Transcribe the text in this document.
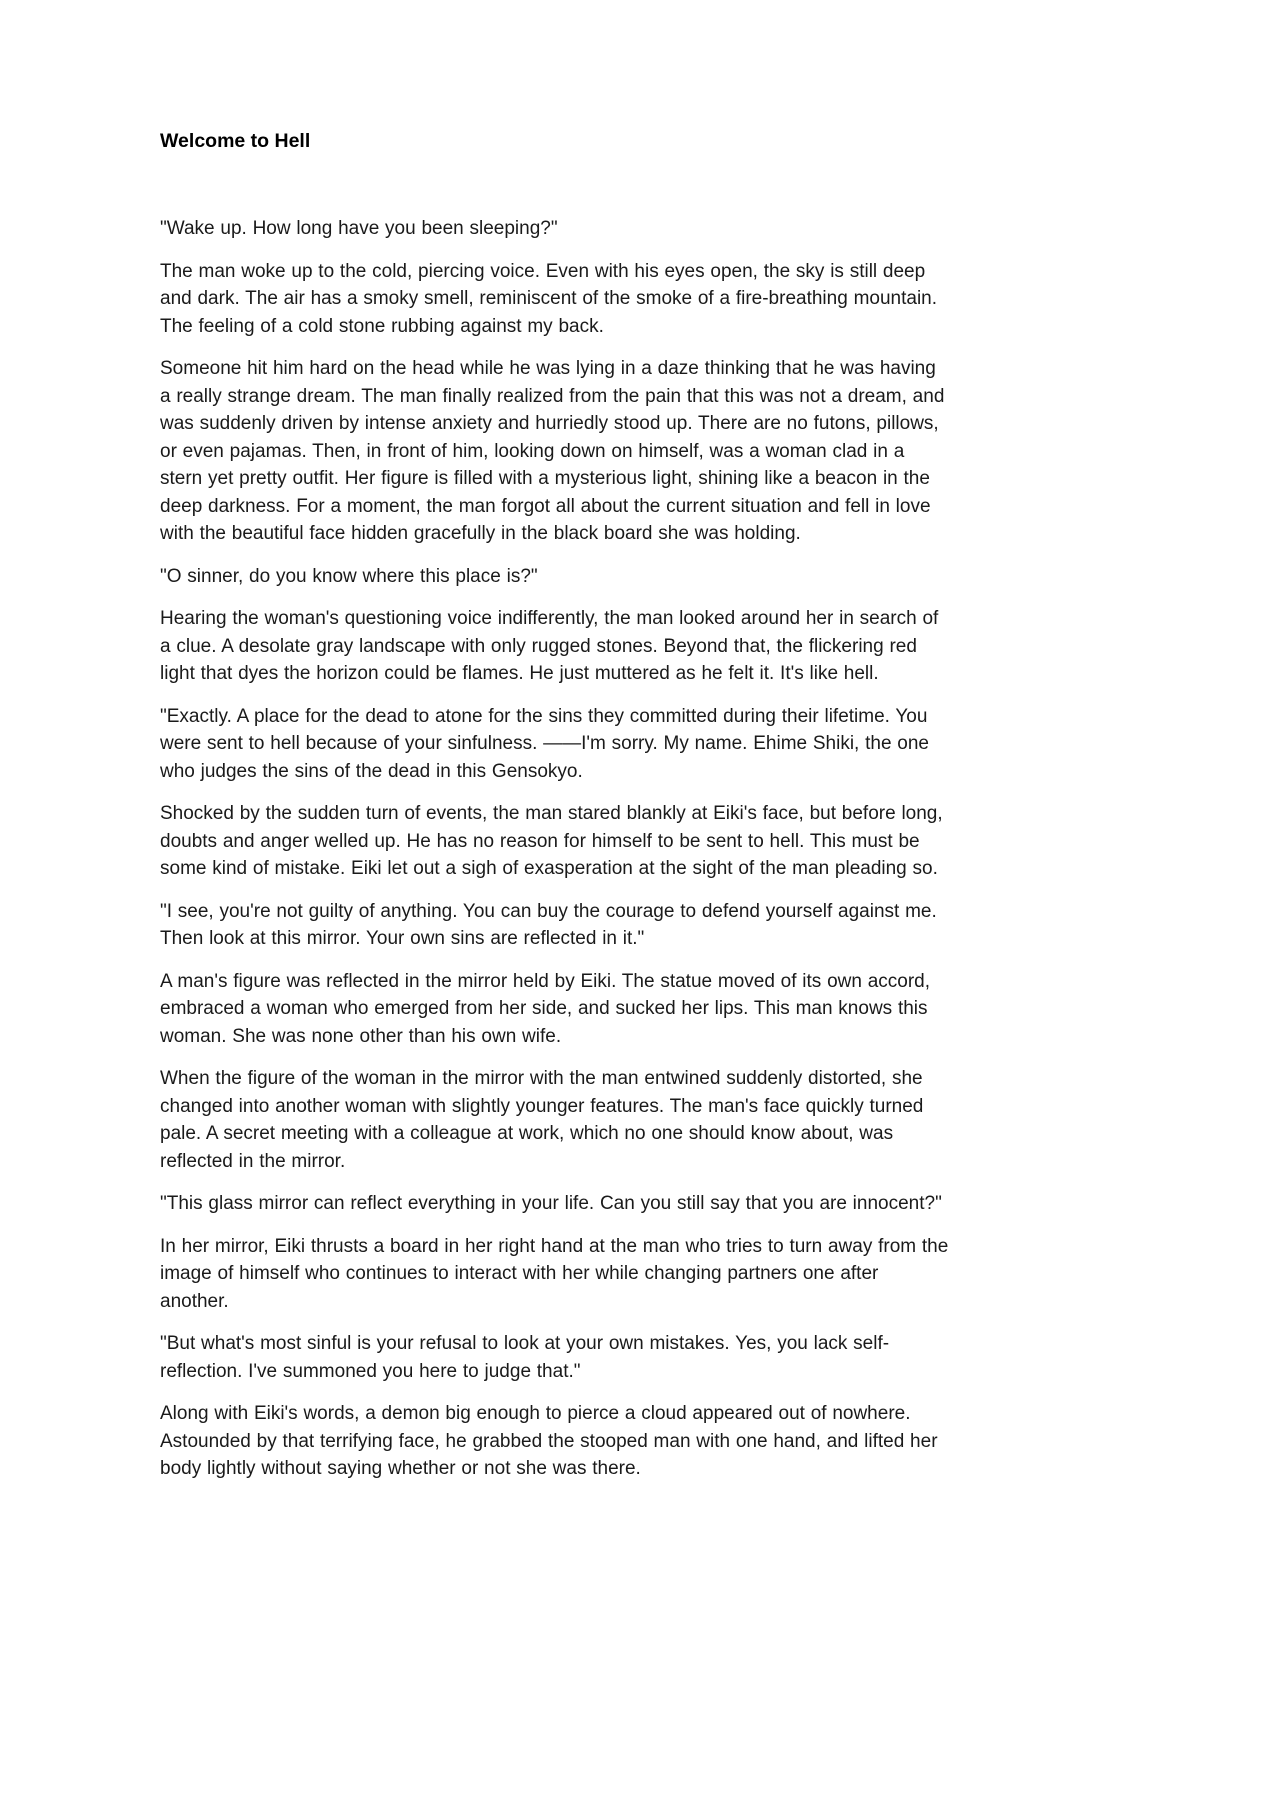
Welcome to Hell

"Wake up. How long have you been sleeping?"

The man woke up to the cold, piercing voice. Even with his eyes open, the sky is still deep and dark. The air has a smoky smell, reminiscent of the smoke of a fire-breathing mountain. The feeling of a cold stone rubbing against my back.

Someone hit him hard on the head while he was lying in a daze thinking that he was having a really strange dream. The man finally realized from the pain that this was not a dream, and was suddenly driven by intense anxiety and hurriedly stood up. There are no futons, pillows, or even pajamas. Then, in front of him, looking down on himself, was a woman clad in a stern yet pretty outfit. Her figure is filled with a mysterious light, shining like a beacon in the deep darkness. For a moment, the man forgot all about the current situation and fell in love with the beautiful face hidden gracefully in the black board she was holding.

"O sinner, do you know where this place is?"

Hearing the woman's questioning voice indifferently, the man looked around her in search of a clue. A desolate gray landscape with only rugged stones. Beyond that, the flickering red light that dyes the horizon could be flames. He just muttered as he felt it. It's like hell.

"Exactly. A place for the dead to atone for the sins they committed during their lifetime. You were sent to hell because of your sinfulness. ——I'm sorry. My name. Ehime Shiki, the one who judges the sins of the dead in this Gensokyo.

Shocked by the sudden turn of events, the man stared blankly at Eiki's face, but before long, doubts and anger welled up. He has no reason for himself to be sent to hell. This must be some kind of mistake. Eiki let out a sigh of exasperation at the sight of the man pleading so.

"I see, you're not guilty of anything. You can buy the courage to defend yourself against me. Then look at this mirror. Your own sins are reflected in it."

A man's figure was reflected in the mirror held by Eiki. The statue moved of its own accord, embraced a woman who emerged from her side, and sucked her lips. This man knows this woman. She was none other than his own wife.

When the figure of the woman in the mirror with the man entwined suddenly distorted, she changed into another woman with slightly younger features. The man's face quickly turned pale. A secret meeting with a colleague at work, which no one should know about, was reflected in the mirror.

"This glass mirror can reflect everything in your life. Can you still say that you are innocent?"

In her mirror, Eiki thrusts a board in her right hand at the man who tries to turn away from the image of himself who continues to interact with her while changing partners one after another.

"But what's most sinful is your refusal to look at your own mistakes. Yes, you lack self-reflection. I've summoned you here to judge that."

Along with Eiki's words, a demon big enough to pierce a cloud appeared out of nowhere. Astounded by that terrifying face, he grabbed the stooped man with one hand, and lifted her body lightly without saying whether or not she was there.
